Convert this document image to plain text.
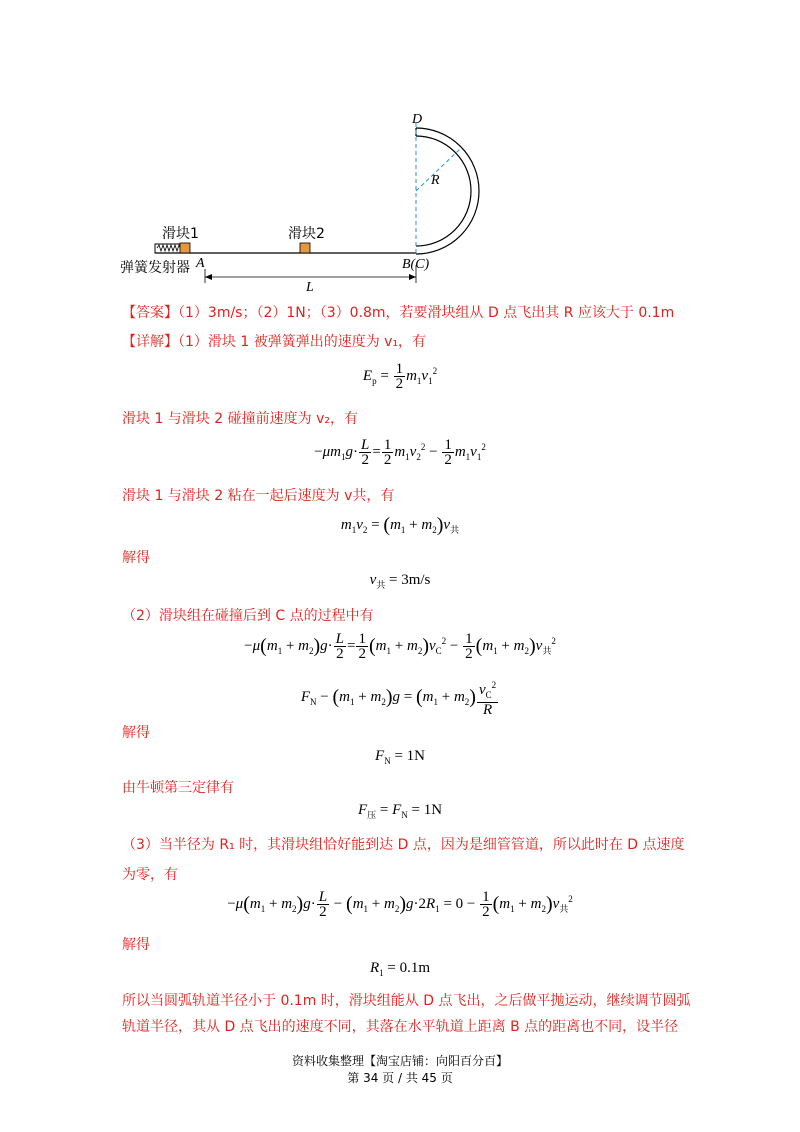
D
R
滑块1	滑块2
弹簧发射器 A	B(C)
L
【答案】（1）3m/s；（2）1N；（3）0.8m，若要滑块组从 D 点飞出其 R 应该大于 0.1m
【详解】（1）滑块 1 被弹簧弹出的速度为 v₁，有
$E_p = \frac{1}{2} m_1v_1^2$
滑块 1 与滑块 2 碰撞前速度为 v₂，有
$-\mu m_1g\cdot \frac{L}{2} = \frac{1}{2} m_1v_2^2 - \frac{1}{2} m_1v_1^2$
滑块 1 与滑块 2 粘在一起后速度为 v共，有
$m_1v_2 = (m_1 + m_2)v_共$
解得
$v_共 = 3m/s$
（2）滑块组在碰撞后到 C 点的过程中有
$-\mu(m_1 + m_2)g\cdot \frac{L}{2} = \frac{1}{2} (m_1 + m_2)v_C^2 - \frac{1}{2} (m_1 + m_2)v_共^2$
$F_N - (m_1 + m_2)g = (m_1 + m_2) \frac{v_C^2}{R}$
解得
$F_N = 1N$
由牛顿第三定律有
$F_压 = F_N = 1N$
（3）当半径为 R₁ 时，其滑块组恰好能到达 D 点，因为是细管管道，所以此时在 D 点速度
为零，有
$-\mu(m_1 + m_2)g\cdot \frac{L}{2} - (m_1 + m_2)g\cdot 2R_1 = 0 - \frac{1}{2} (m_1 + m_2)v_共^2$
解得
$R_1 = 0.1m$
所以当圆弧轨道半径小于 0.1m 时，滑块组能从 D 点飞出，之后做平抛运动，继续调节圆弧
轨道半径，其从 D 点飞出的速度不同，其落在水平轨道上距离 B 点的距离也不同，设半径
资料收集整理【淘宝店铺：向阳百分百】
第 34 页 / 共 45 页
